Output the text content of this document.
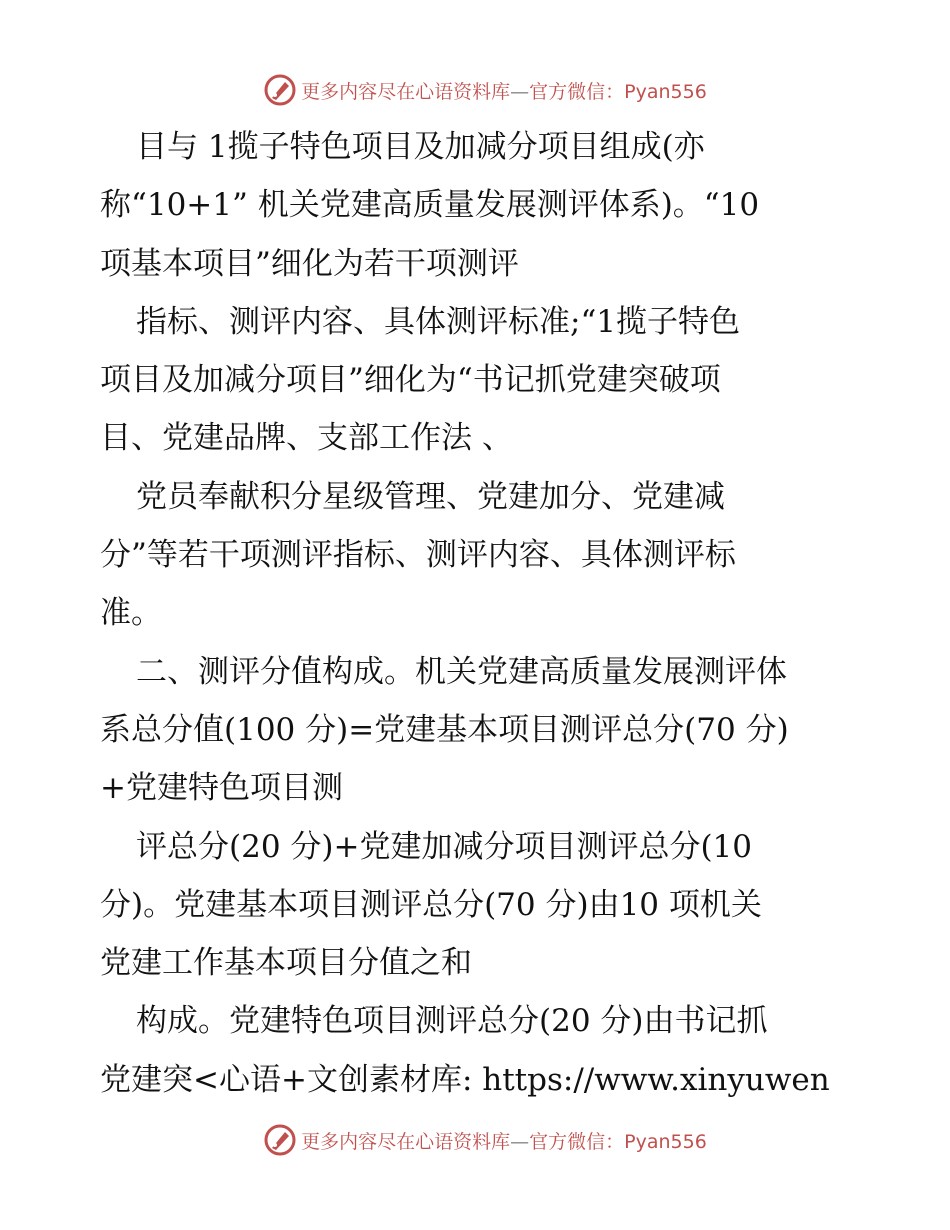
更多内容尽在心语资料库—官方微信：Pyan556
目与 1揽子特色项目及加减分项目组成(亦
称“10+1” 机关党建高质量发展测评体系)。“10
项基本项目”细化为若干项测评
指标、测评内容、具体测评标准;“1揽子特色
项目及加减分项目”细化为“书记抓党建突破项
目、党建品牌、支部工作法 、
党员奉献积分星级管理、党建加分、党建减
分”等若干项测评指标、测评内容、具体测评标
准。
二、测评分值构成。机关党建高质量发展测评体
系总分值(100 分)=党建基本项目测评总分(70 分)
+党建特色项目测
评总分(20 分)+党建加减分项目测评总分(10
分)。党建基本项目测评总分(70 分)由10 项机关
党建工作基本项目分值之和
构成。党建特色项目测评总分(20 分)由书记抓
党建突<心语+文创素材库: https://www.xinyuwen
更多内容尽在心语资料库—官方微信：Pyan556
